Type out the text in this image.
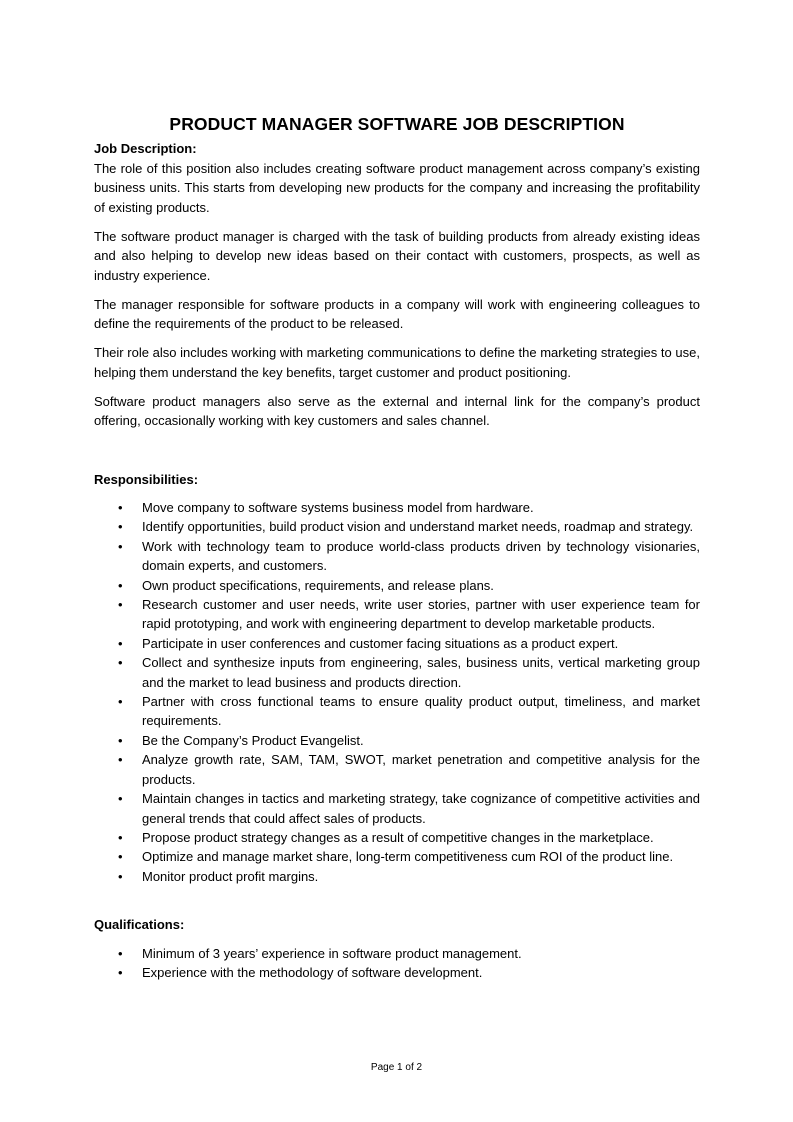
PRODUCT MANAGER SOFTWARE JOB DESCRIPTION

Job Description:

The role of this position also includes creating software product management across company’s existing business units. This starts from developing new products for the company and increasing the profitability of existing products.

The software product manager is charged with the task of building products from already existing ideas and also helping to develop new ideas based on their contact with customers, prospects, as well as industry experience.

The manager responsible for software products in a company will work with engineering colleagues to define the requirements of the product to be released.

Their role also includes working with marketing communications to define the marketing strategies to use, helping them understand the key benefits, target customer and product positioning.

Software product managers also serve as the external and internal link for the company’s product offering, occasionally working with key customers and sales channel.

Responsibilities:

• Move company to software systems business model from hardware.
• Identify opportunities, build product vision and understand market needs, roadmap and strategy.
• Work with technology team to produce world-class products driven by technology visionaries, domain experts, and customers.
• Own product specifications, requirements, and release plans.
• Research customer and user needs, write user stories, partner with user experience team for rapid prototyping, and work with engineering department to develop marketable products.
• Participate in user conferences and customer facing situations as a product expert.
• Collect and synthesize inputs from engineering, sales, business units, vertical marketing group and the market to lead business and products direction.
• Partner with cross functional teams to ensure quality product output, timeliness, and market requirements.
• Be the Company’s Product Evangelist.
• Analyze growth rate, SAM, TAM, SWOT, market penetration and competitive analysis for the products.
• Maintain changes in tactics and marketing strategy, take cognizance of competitive activities and general trends that could affect sales of products.
• Propose product strategy changes as a result of competitive changes in the marketplace.
• Optimize and manage market share, long-term competitiveness cum ROI of the product line.
• Monitor product profit margins.

Qualifications:

• Minimum of 3 years’ experience in software product management.
• Experience with the methodology of software development.
Page 1 of 2
